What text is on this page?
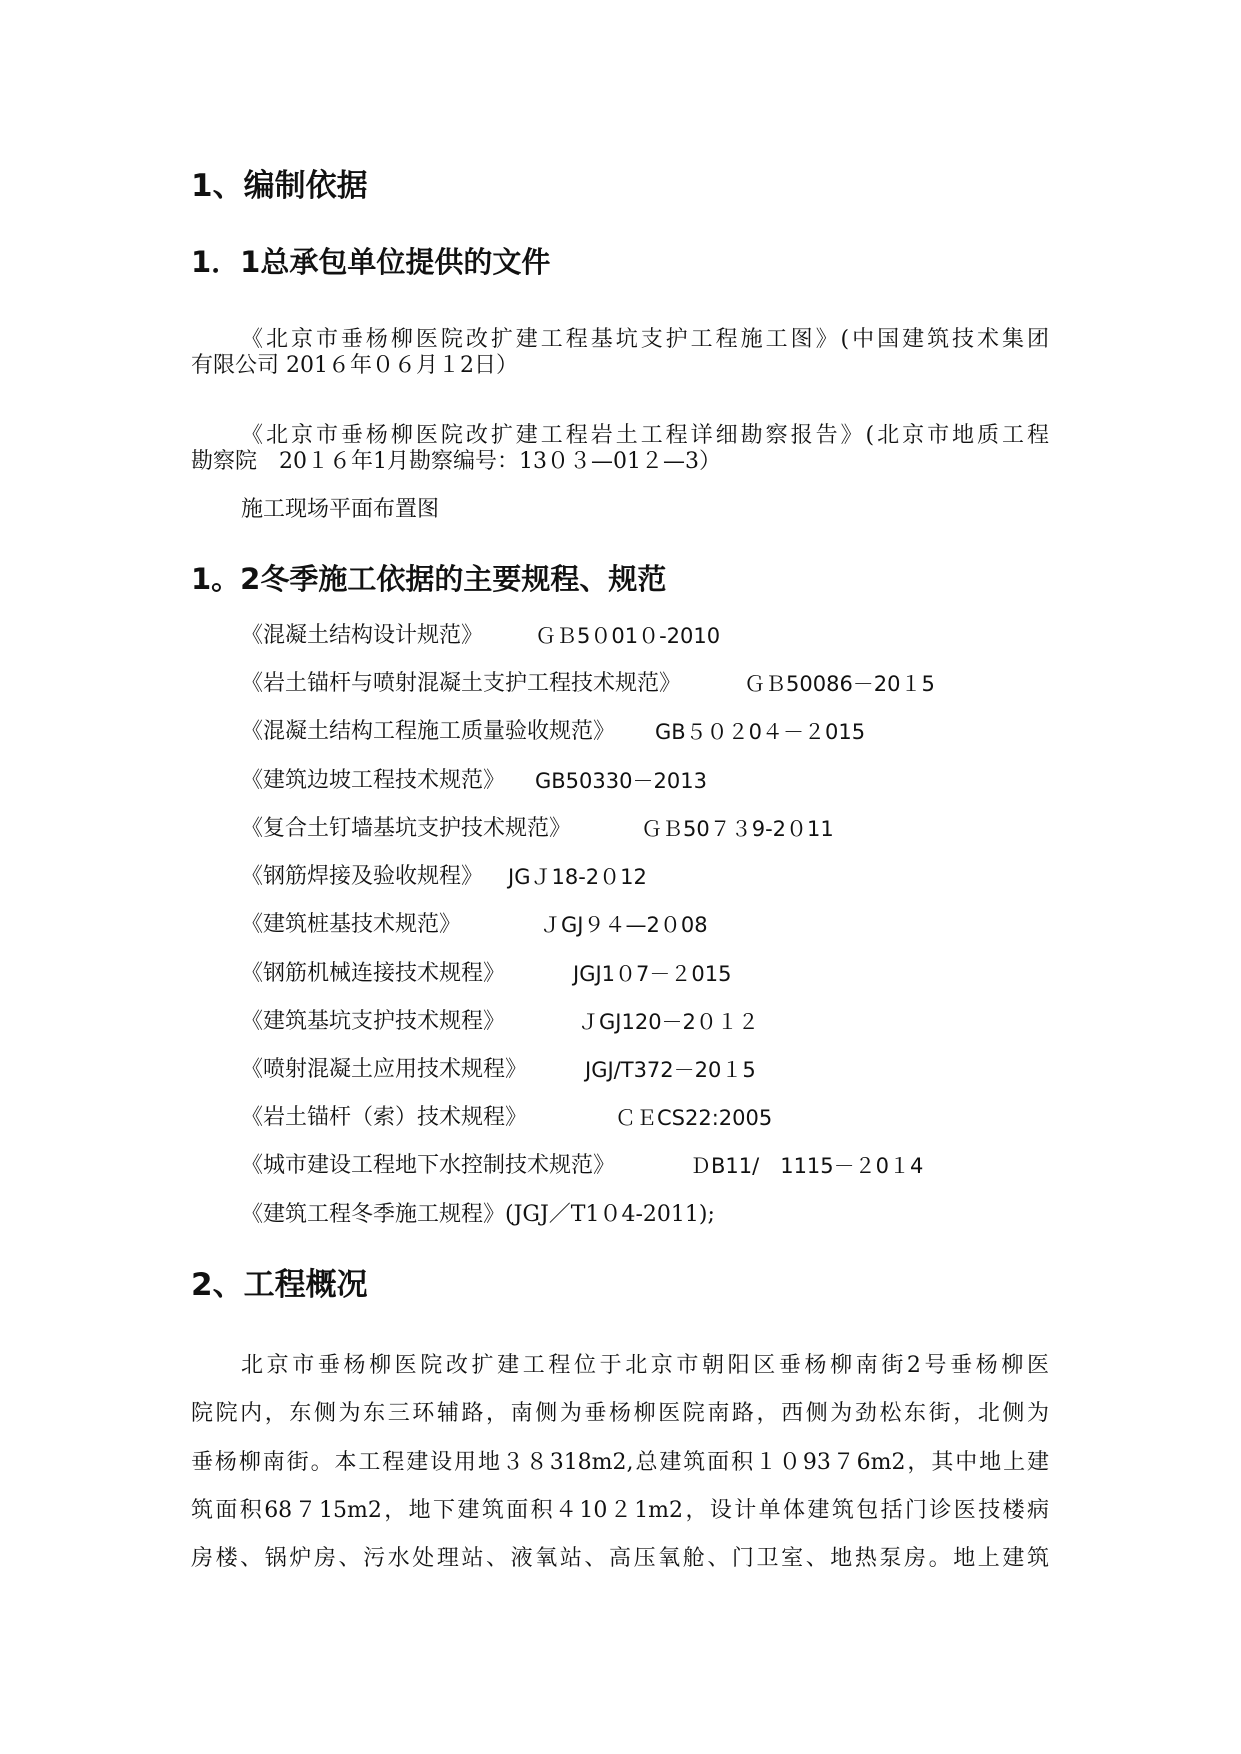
1、编制依据
1．1总承包单位提供的文件

《北京市垂杨柳医院改扩建工程基坑支护工程施工图》(中国建筑技术集团

有限公司 201６年０６月１2日）

《北京市垂杨柳医院改扩建工程岩土工程详细勘察报告》(北京市地质工程

勘察院　20１６年1月勘察编号：13０３—01２—3）

施工现场平面布置图

1。2冬季施工依据的主要规程、规范
《混凝土结构设计规范》 ＧＢ5０01０-2010
《岩土锚杆与喷射混凝土支护工程技术规范》	ＧＢ50086－20１5
《混凝土结构工程施工质量验收规范》 GB５０２0４－２015
《建筑边坡工程技术规范》 GB50330－2013
《复合土钉墙基坑支护技术规范》	ＧＢ50７３9-2０11
《钢筋焊接及验收规程》 JGＪ18-2０12
《建筑桩基技术规范》	ＪGJ９４—2０08
《钢筋机械连接技术规程》	JGJ1０7－２015
《建筑基坑支护技术规程》	ＪGJ120－2０１２
《喷射混凝土应用技术规程》	JGJ/T372－20１5
《岩土锚杆（索）技术规程》	ＣＥCS22:2005
《城市建设工程地下水控制技术规范》	ＤB11/　1115－２0１4
《建筑工程冬季施工规程》(JGJ／T1０4-2011);
2、工程概况

北京市垂杨柳医院改扩建工程位于北京市朝阳区垂杨柳南街2号垂杨柳医

院院内，东侧为东三环辅路，南侧为垂杨柳医院南路，西侧为劲松东街，北侧为

垂杨柳南街。本工程建设用地３８318m2,总建筑面积１０93７6m2，其中地上建

筑面积68７15m2，地下建筑面积４10２1m2，设计单体建筑包括门诊医技楼病

房楼、锅炉房、污水处理站、液氧站、高压氧舱、门卫室、地热泵房。地上建筑
